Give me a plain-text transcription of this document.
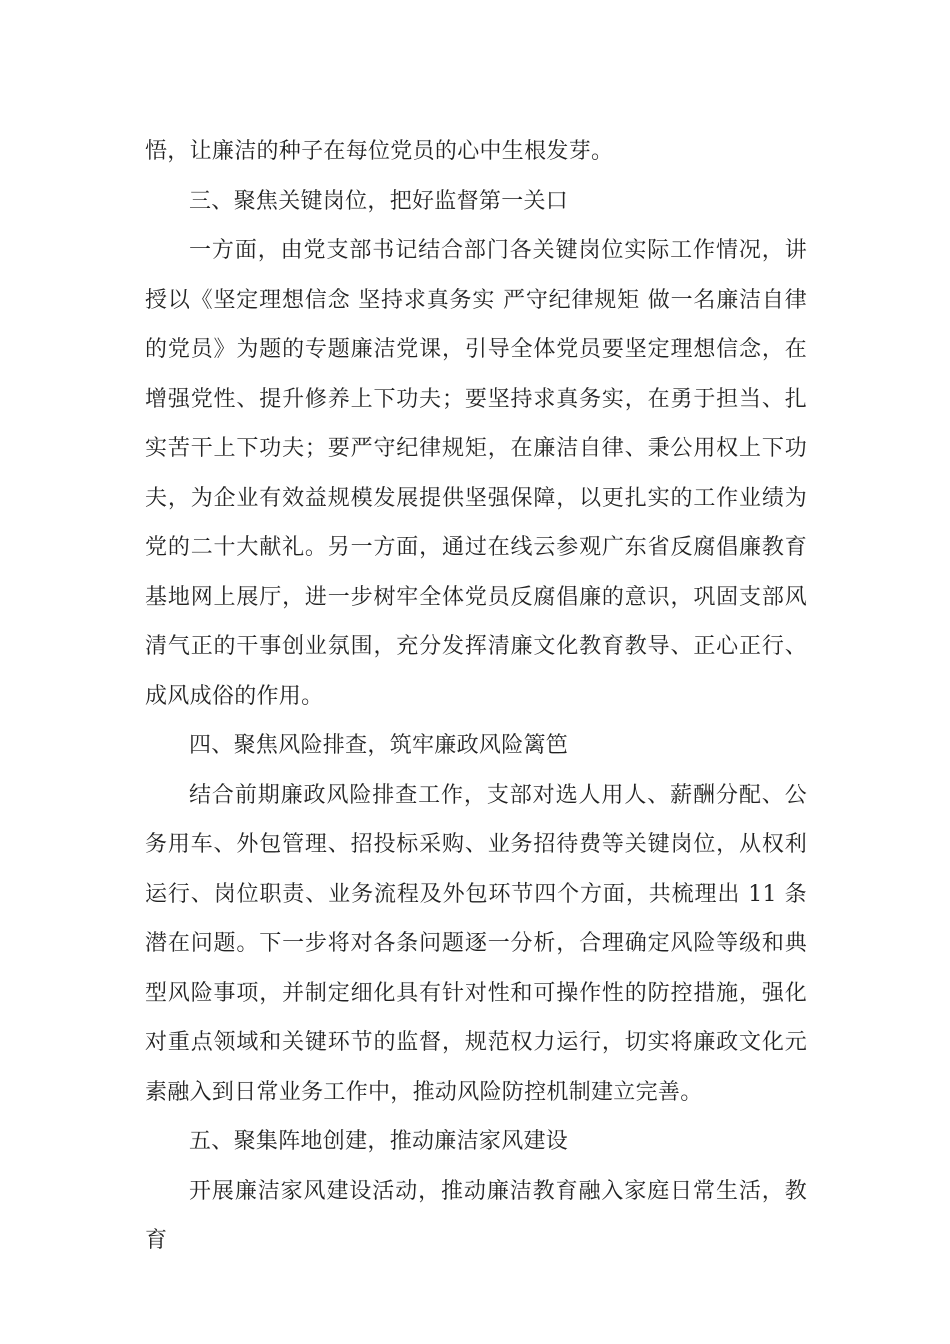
悟，让廉洁的种子在每位党员的心中生根发芽。

三、聚焦关键岗位，把好监督第一关口

一方面，由党支部书记结合部门各关键岗位实际工作情况，讲授以《坚定理想信念 坚持求真务实 严守纪律规矩 做一名廉洁自律的党员》为题的专题廉洁党课，引导全体党员要坚定理想信念，在增强党性、提升修养上下功夫；要坚持求真务实，在勇于担当、扎实苦干上下功夫；要严守纪律规矩，在廉洁自律、秉公用权上下功夫，为企业有效益规模发展提供坚强保障，以更扎实的工作业绩为党的二十大献礼。另一方面，通过在线云参观广东省反腐倡廉教育基地网上展厅，进一步树牢全体党员反腐倡廉的意识，巩固支部风清气正的干事创业氛围，充分发挥清廉文化教育教导、正心正行、成风成俗的作用。

四、聚焦风险排查，筑牢廉政风险篱笆

结合前期廉政风险排查工作，支部对选人用人、薪酬分配、公务用车、外包管理、招投标采购、业务招待费等关键岗位，从权利运行、岗位职责、业务流程及外包环节四个方面，共梳理出 11 条潜在问题。下一步将对各条问题逐一分析，合理确定风险等级和典型风险事项，并制定细化具有针对性和可操作性的防控措施，强化对重点领域和关键环节的监督，规范权力运行，切实将廉政文化元素融入到日常业务工作中，推动风险防控机制建立完善。

五、聚集阵地创建，推动廉洁家风建设

开展廉洁家风建设活动，推动廉洁教育融入家庭日常生活，教育
